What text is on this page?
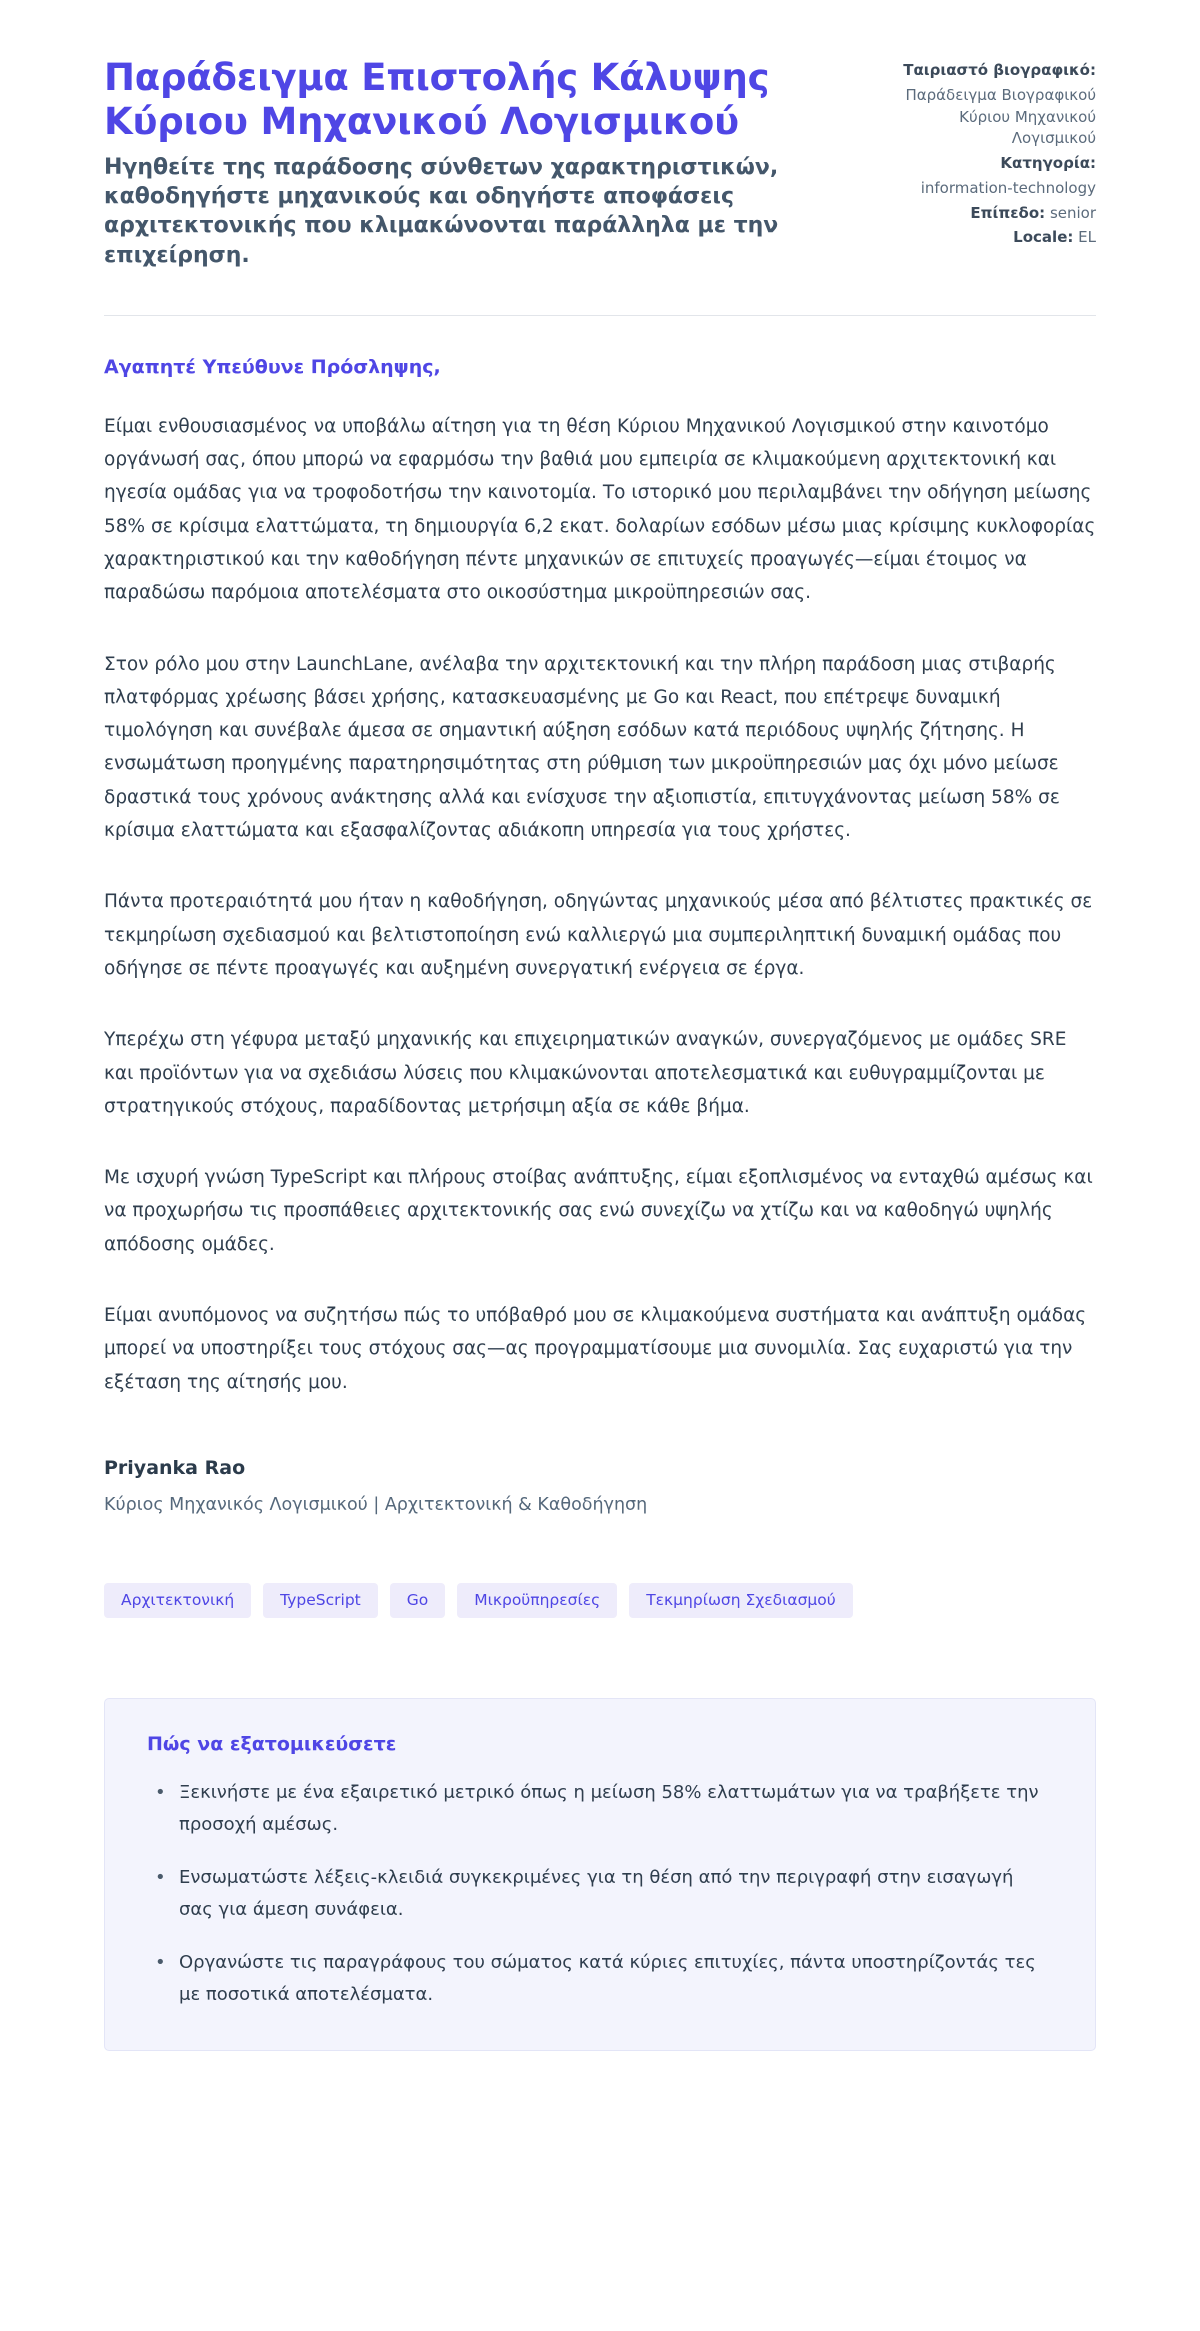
Παράδειγμα Επιστολής Κάλυψης Κύριου Μηχανικού Λογισμικού

Ηγηθείτε της παράδοσης σύνθετων χαρακτηριστικών, καθοδηγήστε μηχανικούς και οδηγήστε αποφάσεις αρχιτεκτονικής που κλιμακώνονται παράλληλα με την επιχείρηση.

Ταιριαστό βιογραφικό:
Παράδειγμα Βιογραφικού Κύριου Μηχανικού Λογισμικού
Κατηγορία:
information-technology
Επίπεδο: senior
Locale: EL

Αγαπητέ Υπεύθυνε Πρόσληψης,

Είμαι ενθουσιασμένος να υποβάλω αίτηση για τη θέση Κύριου Μηχανικού Λογισμικού στην καινοτόμο οργάνωσή σας, όπου μπορώ να εφαρμόσω την βαθιά μου εμπειρία σε κλιμακούμενη αρχιτεκτονική και ηγεσία ομάδας για να τροφοδοτήσω την καινοτομία. Το ιστορικό μου περιλαμβάνει την οδήγηση μείωσης 58% σε κρίσιμα ελαττώματα, τη δημιουργία 6,2 εκατ. δολαρίων εσόδων μέσω μιας κρίσιμης κυκλοφορίας χαρακτηριστικού και την καθοδήγηση πέντε μηχανικών σε επιτυχείς προαγωγές—είμαι έτοιμος να παραδώσω παρόμοια αποτελέσματα στο οικοσύστημα μικροϋπηρεσιών σας.

Στον ρόλο μου στην LaunchLane, ανέλαβα την αρχιτεκτονική και την πλήρη παράδοση μιας στιβαρής πλατφόρμας χρέωσης βάσει χρήσης, κατασκευασμένης με Go και React, που επέτρεψε δυναμική τιμολόγηση και συνέβαλε άμεσα σε σημαντική αύξηση εσόδων κατά περιόδους υψηλής ζήτησης. Η ενσωμάτωση προηγμένης παρατηρησιμότητας στη ρύθμιση των μικροϋπηρεσιών μας όχι μόνο μείωσε δραστικά τους χρόνους ανάκτησης αλλά και ενίσχυσε την αξιοπιστία, επιτυγχάνοντας μείωση 58% σε κρίσιμα ελαττώματα και εξασφαλίζοντας αδιάκοπη υπηρεσία για τους χρήστες.

Πάντα προτεραιότητά μου ήταν η καθοδήγηση, οδηγώντας μηχανικούς μέσα από βέλτιστες πρακτικές σε τεκμηρίωση σχεδιασμού και βελτιστοποίηση ενώ καλλιεργώ μια συμπεριληπτική δυναμική ομάδας που οδήγησε σε πέντε προαγωγές και αυξημένη συνεργατική ενέργεια σε έργα.

Υπερέχω στη γέφυρα μεταξύ μηχανικής και επιχειρηματικών αναγκών, συνεργαζόμενος με ομάδες SRE και προϊόντων για να σχεδιάσω λύσεις που κλιμακώνονται αποτελεσματικά και ευθυγραμμίζονται με στρατηγικούς στόχους, παραδίδοντας μετρήσιμη αξία σε κάθε βήμα.

Με ισχυρή γνώση TypeScript και πλήρους στοίβας ανάπτυξης, είμαι εξοπλισμένος να ενταχθώ αμέσως και να προχωρήσω τις προσπάθειες αρχιτεκτονικής σας ενώ συνεχίζω να χτίζω και να καθοδηγώ υψηλής απόδοσης ομάδες.

Είμαι ανυπόμονος να συζητήσω πώς το υπόβαθρό μου σε κλιμακούμενα συστήματα και ανάπτυξη ομάδας μπορεί να υποστηρίξει τους στόχους σας—ας προγραμματίσουμε μια συνομιλία. Σας ευχαριστώ για την εξέταση της αίτησής μου.

Priyanka Rao

Κύριος Μηχανικός Λογισμικού | Αρχιτεκτονική & Καθοδήγηση

Αρχιτεκτονική	TypeScript	Go	Μικροϋπηρεσίες	Τεκμηρίωση Σχεδιασμού

Πώς να εξατομικεύσετε

• Ξεκινήστε με ένα εξαιρετικό μετρικό όπως η μείωση 58% ελαττωμάτων για να τραβήξετε την προσοχή αμέσως.
• Ενσωματώστε λέξεις-κλειδιά συγκεκριμένες για τη θέση από την περιγραφή στην εισαγωγή σας για άμεση συνάφεια.
• Οργανώστε τις παραγράφους του σώματος κατά κύριες επιτυχίες, πάντα υποστηρίζοντάς τες με ποσοτικά αποτελέσματα.
